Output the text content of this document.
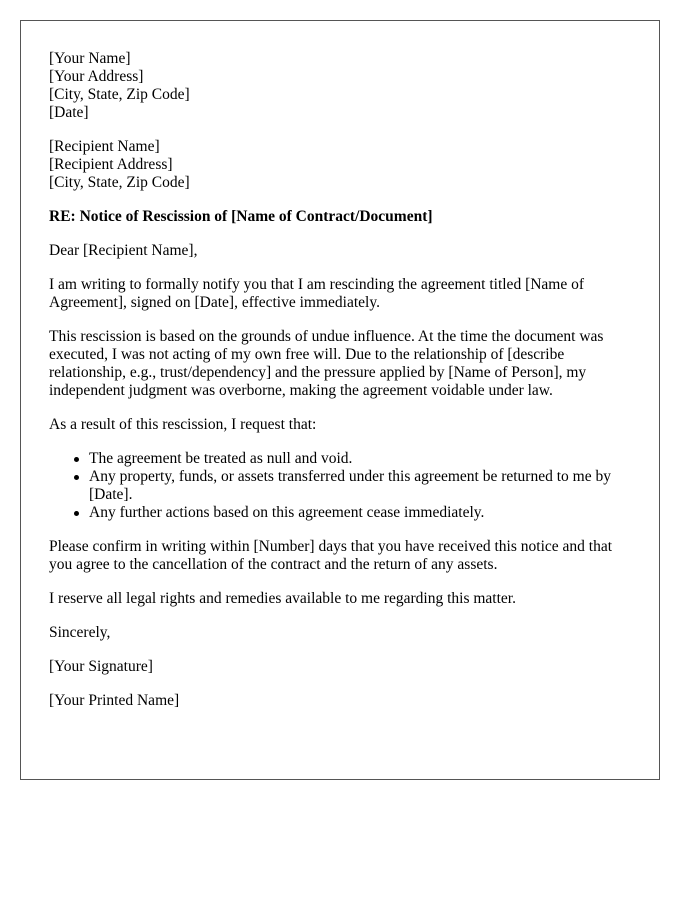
[Your Name]
[Your Address]
[City, State, Zip Code]
[Date]
[Recipient Name]
[Recipient Address]
[City, State, Zip Code]
RE: Notice of Rescission of [Name of Contract/Document]

Dear [Recipient Name],

I am writing to formally notify you that I am rescinding the agreement titled [Name of Agreement], signed on [Date], effective immediately.

This rescission is based on the grounds of undue influence. At the time the document was executed, I was not acting of my own free will. Due to the relationship of [describe relationship, e.g., trust/dependency] and the pressure applied by [Name of Person], my independent judgment was overborne, making the agreement voidable under law.

As a result of this rescission, I request that:

The agreement be treated as null and void.
Any property, funds, or assets transferred under this agreement be returned to me by [Date].
Any further actions based on this agreement cease immediately.

Please confirm in writing within [Number] days that you have received this notice and that you agree to the cancellation of the contract and the return of any assets.

I reserve all legal rights and remedies available to me regarding this matter.

Sincerely,

[Your Signature]

[Your Printed Name]
